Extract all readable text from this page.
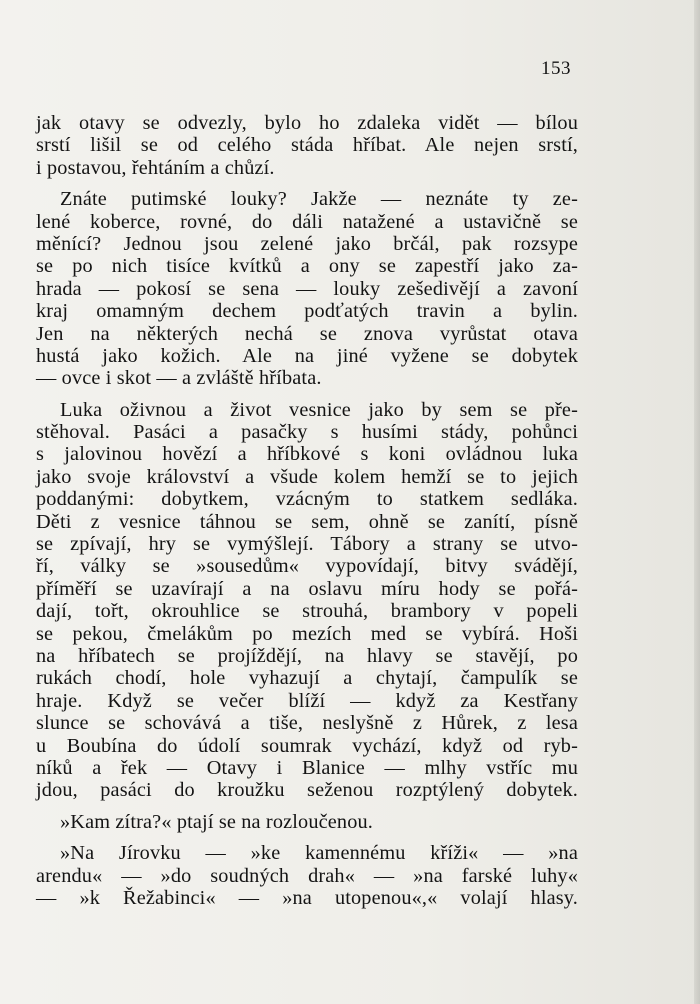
153

jak otavy se odvezly, bylo ho zdaleka vidět — bílou
srstí lišil se od celého stáda hříbat. Ale nejen srstí,
i postavou, řehtáním a chůzí.

Znáte putimské louky? Jakže — neznáte ty ze-
lené koberce, rovné, do dáli natažené a ustavičně se
měnící? Jednou jsou zelené jako brčál, pak rozsype
se po nich tisíce kvítků a ony se zapestří jako za-
hrada — pokosí se sena — louky zešedivějí a zavoní
kraj omamným dechem podťatých travin a bylin.
Jen na některých nechá se znova vyrůstat otava
hustá jako kožich. Ale na jiné vyžene se dobytek
— ovce i skot — a zvláště hříbata.

Luka oživnou a život vesnice jako by sem se pře-
stěhoval. Pasáci a pasačky s husími stády, pohůnci
s jalovinou hovězí a hříbkové s koni ovládnou luka
jako svoje království a všude kolem hemží se to jejich
poddanými: dobytkem, vzácným to statkem sedláka.
Děti z vesnice táhnou se sem, ohně se zanítí, písně
se zpívají, hry se vymýšlejí. Tábory a strany se utvo-
ří, války se »sousedům« vypovídají, bitvy svádějí,
příměří se uzavírají a na oslavu míru hody se pořá-
dají, tořt, okrouhlice se strouhá, brambory v popeli
se pekou, čmelákům po mezích med se vybírá. Hoši
na hříbatech se projíždějí, na hlavy se stavějí, po
rukách chodí, hole vyhazují a chytají, čampulík se
hraje. Když se večer blíží — když za Kestřany
slunce se schovává a tiše, neslyšně z Hůrek, z lesa
u Boubína do údolí soumrak vychází, když od ryb-
níků a řek — Otavy i Blanice — mlhy vstříc mu
jdou, pasáci do kroužku seženou rozptýlený dobytek.

»Kam zítra?« ptají se na rozloučenou.

»Na Jírovku — »ke kamennému kříži« — »na
arendu« — »do soudných drah« — »na farské luhy«
— »k Řežabinci« — »na utopenou«,« volají hlasy.
